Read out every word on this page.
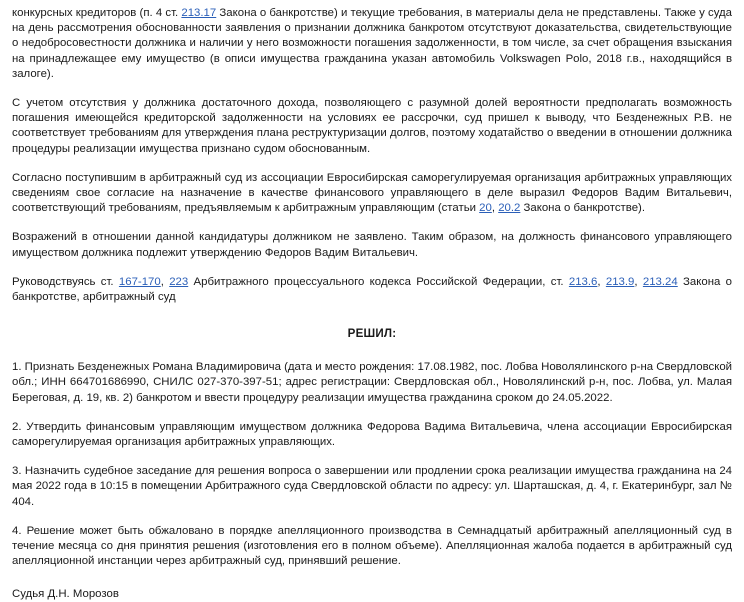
конкурсных кредиторов (п. 4 ст. 213.17 Закона о банкротстве) и текущие требования, в материалы дела не представлены. Также у суда на день рассмотрения обоснованности заявления о признании должника банкротом отсутствуют доказательства, свидетельствующие о недобросовестности должника и наличии у него возможности погашения задолженности, в том числе, за счет обращения взыскания на принадлежащее ему имущество (в описи имущества гражданина указан автомобиль Volkswagen Polo, 2018 г.в., находящийся в залоге).

С учетом отсутствия у должника достаточного дохода, позволяющего с разумной долей вероятности предполагать возможность погашения имеющейся кредиторской задолженности на условиях ее рассрочки, суд пришел к выводу, что Безденежных Р.В. не соответствует требованиям для утверждения плана реструктуризации долгов, поэтому ходатайство о введении в отношении должника процедуры реализации имущества признано судом обоснованным.

Согласно поступившим в арбитражный суд из ассоциации Евросибирская саморегулируемая организация арбитражных управляющих сведениям свое согласие на назначение в качестве финансового управляющего в деле выразил Федоров Вадим Витальевич, соответствующий требованиям, предъявляемым к арбитражным управляющим (статьи 20, 20.2 Закона о банкротстве).

Возражений в отношении данной кандидатуры должником не заявлено. Таким образом, на должность финансового управляющего имуществом должника подлежит утверждению Федоров Вадим Витальевич.

Руководствуясь ст. 167-170, 223 Арбитражного процессуального кодекса Российской Федерации, ст. 213.6, 213.9, 213.24 Закона о банкротстве, арбитражный суд

РЕШИЛ:

1. Признать Безденежных Романа Владимировича (дата и место рождения: 17.08.1982, пос. Лобва Новолялинского р-на Свердловской обл.; ИНН 664701686990, СНИЛС 027-370-397-51; адрес регистрации: Свердловская обл., Новолялинский р-н, пос. Лобва, ул. Малая Береговая, д. 19, кв. 2) банкротом и ввести процедуру реализации имущества гражданина сроком до 24.05.2022.

2. Утвердить финансовым управляющим имуществом должника Федорова Вадима Витальевича, члена ассоциации Евросибирская саморегулируемая организация арбитражных управляющих.

3. Назначить судебное заседание для решения вопроса о завершении или продлении срока реализации имущества гражданина на 24 мая 2022 года в 10:15 в помещении Арбитражного суда Свердловской области по адресу: ул. Шарташская, д. 4, г. Екатеринбург, зал № 404.

4. Решение может быть обжаловано в порядке апелляционного производства в Семнадцатый арбитражный апелляционный суд в течение месяца со дня принятия решения (изготовления его в полном объеме). Апелляционная жалоба подается в арбитражный суд апелляционной инстанции через арбитражный суд, принявший решение.

Судья Д.Н. Морозов
